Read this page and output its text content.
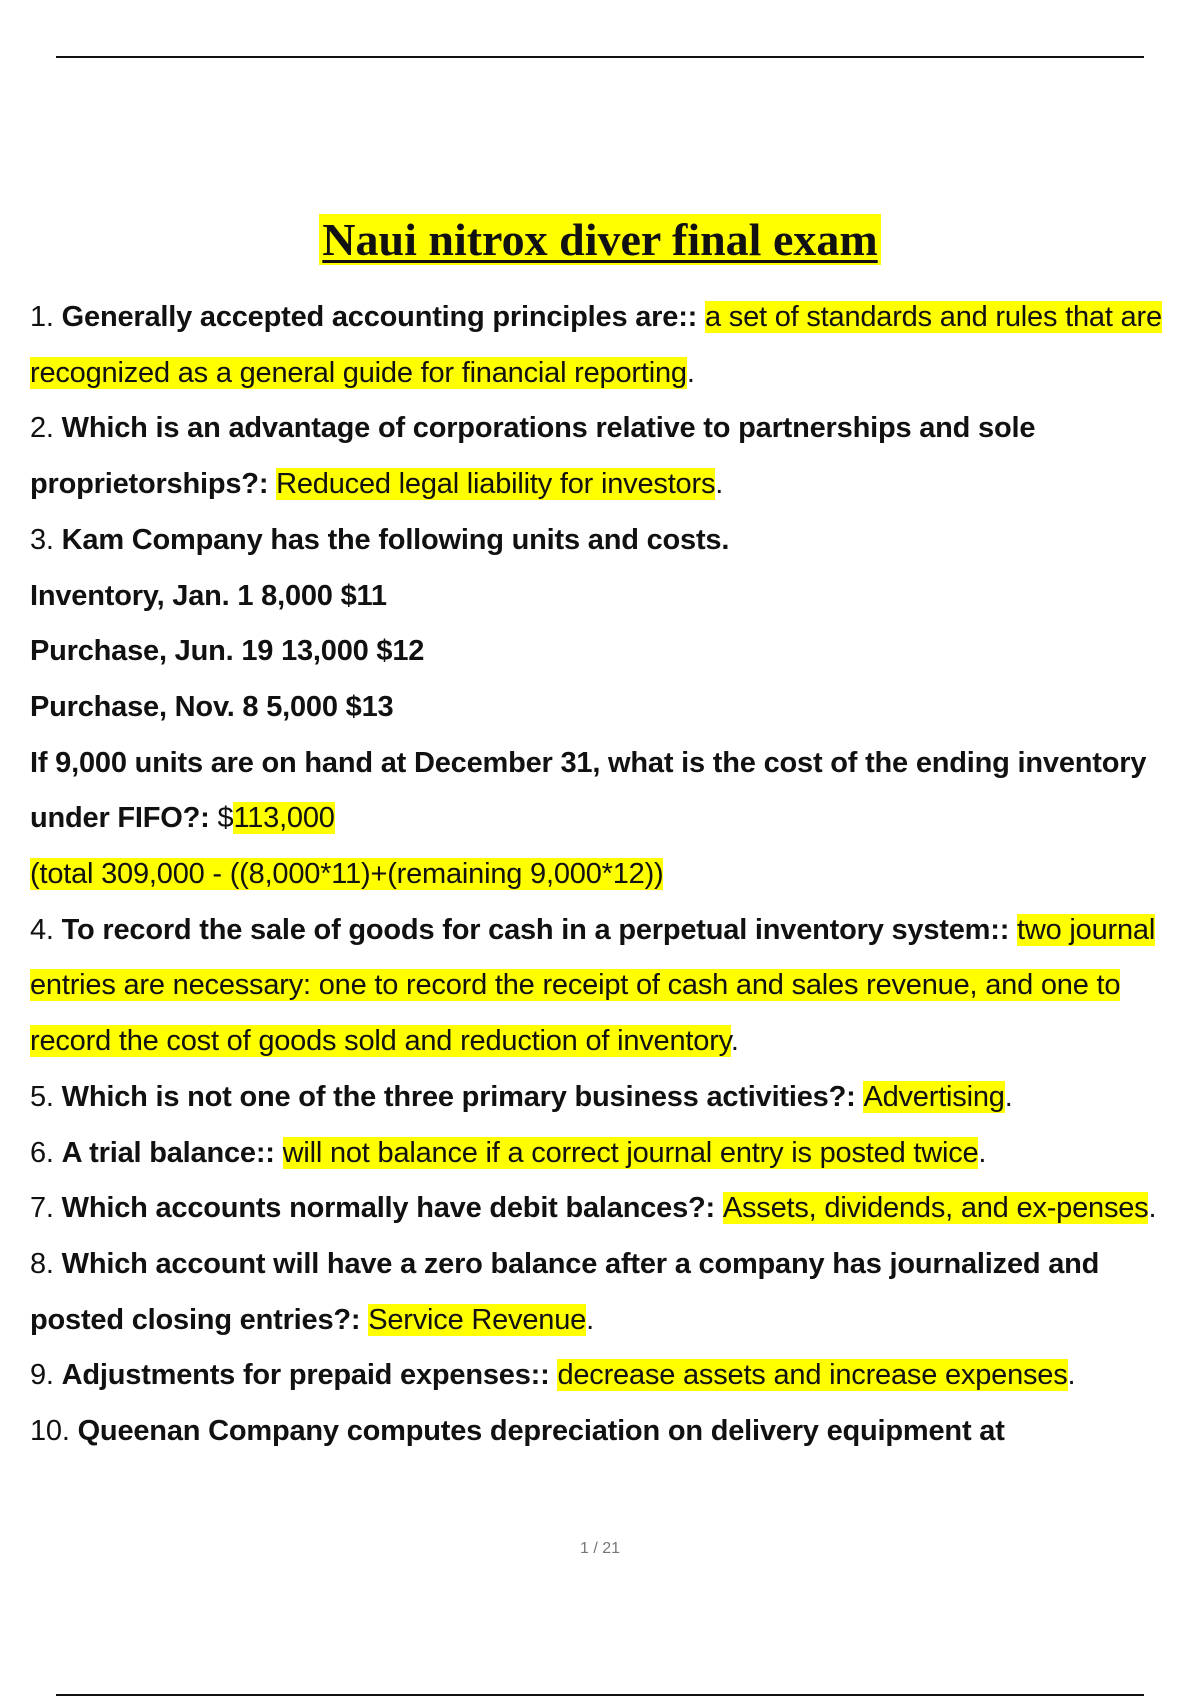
Naui nitrox diver final exam

1. Generally accepted accounting principles are:: a set of standards and rules that are recognized as a general guide for financial reporting.

2. Which is an advantage of corporations relative to partnerships and sole proprietorships?: Reduced legal liability for investors.

3. Kam Company has the following units and costs.

Inventory, Jan. 1 8,000 $11

Purchase, Jun. 19 13,000 $12

Purchase, Nov. 8 5,000 $13

If 9,000 units are on hand at December 31, what is the cost of the ending inventory under FIFO?: $113,000

(total 309,000 - ((8,000*11)+(remaining 9,000*12))

4. To record the sale of goods for cash in a perpetual inventory system:: two journal entries are necessary: one to record the receipt of cash and sales revenue, and one to record the cost of goods sold and reduction of inventory.

5. Which is not one of the three primary business activities?: Advertising.

6. A trial balance:: will not balance if a correct journal entry is posted twice.

7. Which accounts normally have debit balances?: Assets, dividends, and ex-penses.

8. Which account will have a zero balance after a company has journalized and posted closing entries?: Service Revenue.

9. Adjustments for prepaid expenses:: decrease assets and increase expenses.

10. Queenan Company computes depreciation on delivery equipment at

1 / 21
